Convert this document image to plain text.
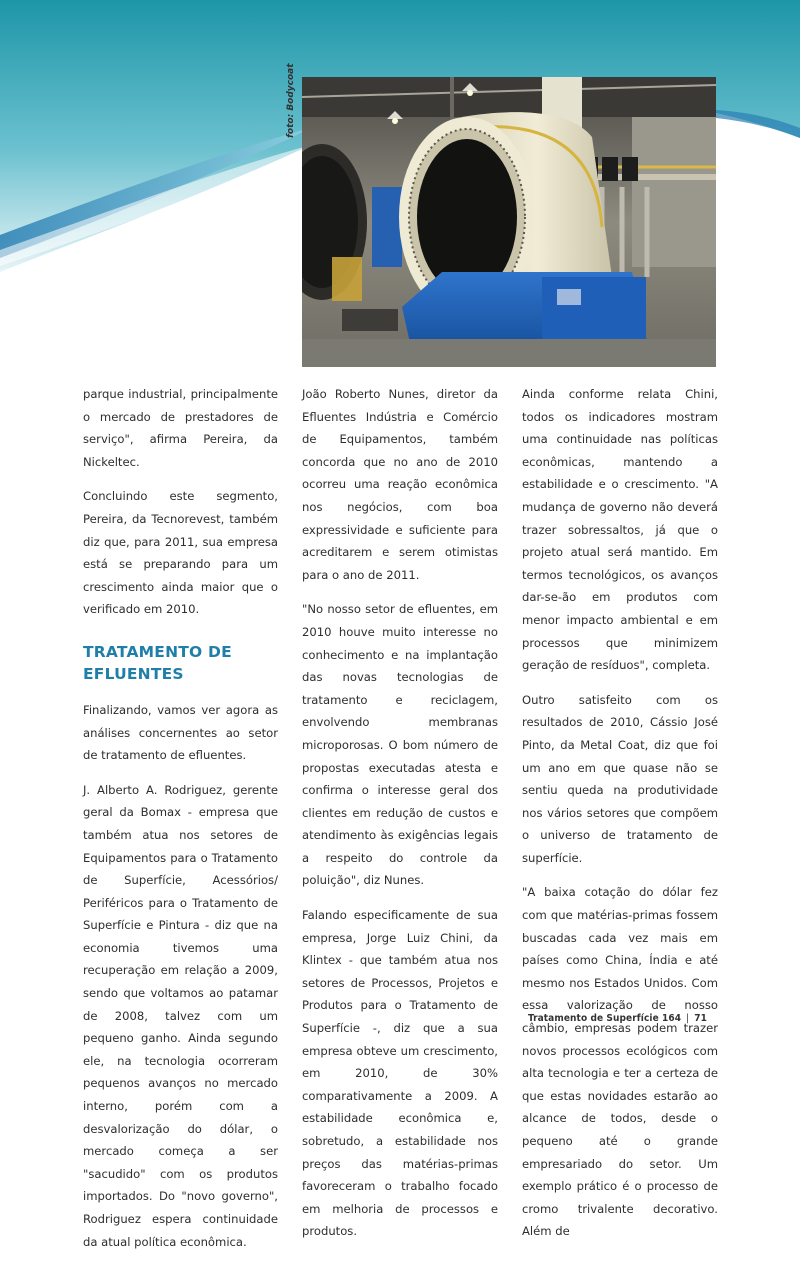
foto: Bodycoat

parque industrial, principalmente o mercado de prestadores de serviço", afirma Pereira, da Nickeltec.

Concluindo este segmento, Pereira, da Tecnorevest, também diz que, para 2011, sua empresa está se preparando para um crescimento ainda maior que o verificado em 2010.

TRATAMENTO DE EFLUENTES

Finalizando, vamos ver agora as análises concernentes ao setor de tratamento de efluentes.

J. Alberto A. Rodriguez, gerente geral da Bomax - empresa que também atua nos setores de Equipamentos para o Tratamento de Superfície, Acessórios/ Periféricos para o Tratamento de Superfície e Pintura - diz que na economia tivemos uma recuperação em relação a 2009, sendo que voltamos ao patamar de 2008, talvez com um pequeno ganho. Ainda segundo ele, na tecnologia ocorreram pequenos avanços no mercado interno, porém com a desvalorização do dólar, o mercado começa a ser "sacudido" com os produtos importados. Do "novo governo", Rodriguez espera continuidade da atual política econômica.

João Roberto Nunes, diretor da Efluentes Indústria e Comércio de Equipamentos, também concorda que no ano de 2010 ocorreu uma reação econômica nos negócios, com boa expressividade e suficiente para acreditarem e serem otimistas para o ano de 2011.

"No nosso setor de efluentes, em 2010 houve muito interesse no conhecimento e na implantação das novas tecnologias de tratamento e reciclagem, envolvendo membranas microporosas. O bom número de propostas executadas atesta e confirma o interesse geral dos clientes em redução de custos e atendimento às exigências legais a respeito do controle da poluição", diz Nunes.

Falando especificamente de sua empresa, Jorge Luiz Chini, da Klintex - que também atua nos setores de Processos, Projetos e Produtos para o Tratamento de Superfície -, diz que a sua empresa obteve um crescimento, em 2010, de 30% comparativamente a 2009. A estabilidade econômica e, sobretudo, a estabilidade nos preços das matérias-primas favoreceram o trabalho focado em melhoria de processos e produtos.

Ainda conforme relata Chini, todos os indicadores mostram uma continuidade nas políticas econômicas, mantendo a estabilidade e o crescimento. "A mudança de governo não deverá trazer sobressaltos, já que o projeto atual será mantido. Em termos tecnológicos, os avanços dar-se-ão em produtos com menor impacto ambiental e em processos que minimizem geração de resíduos", completa.

Outro satisfeito com os resultados de 2010, Cássio José Pinto, da Metal Coat, diz que foi um ano em que quase não se sentiu queda na produtividade nos vários setores que compõem o universo de tratamento de superfície.

"A baixa cotação do dólar fez com que matérias-primas fossem buscadas cada vez mais em países como China, Índia e até mesmo nos Estados Unidos. Com essa valorização de nosso câmbio, empresas podem trazer novos processos ecológicos com alta tecnologia e ter a certeza de que estas novidades estarão ao alcance de todos, desde o pequeno até o grande empresariado do setor. Um exemplo prático é o processo de cromo trivalente decorativo. Além de

Tratamento de Superfície 164 | 71
